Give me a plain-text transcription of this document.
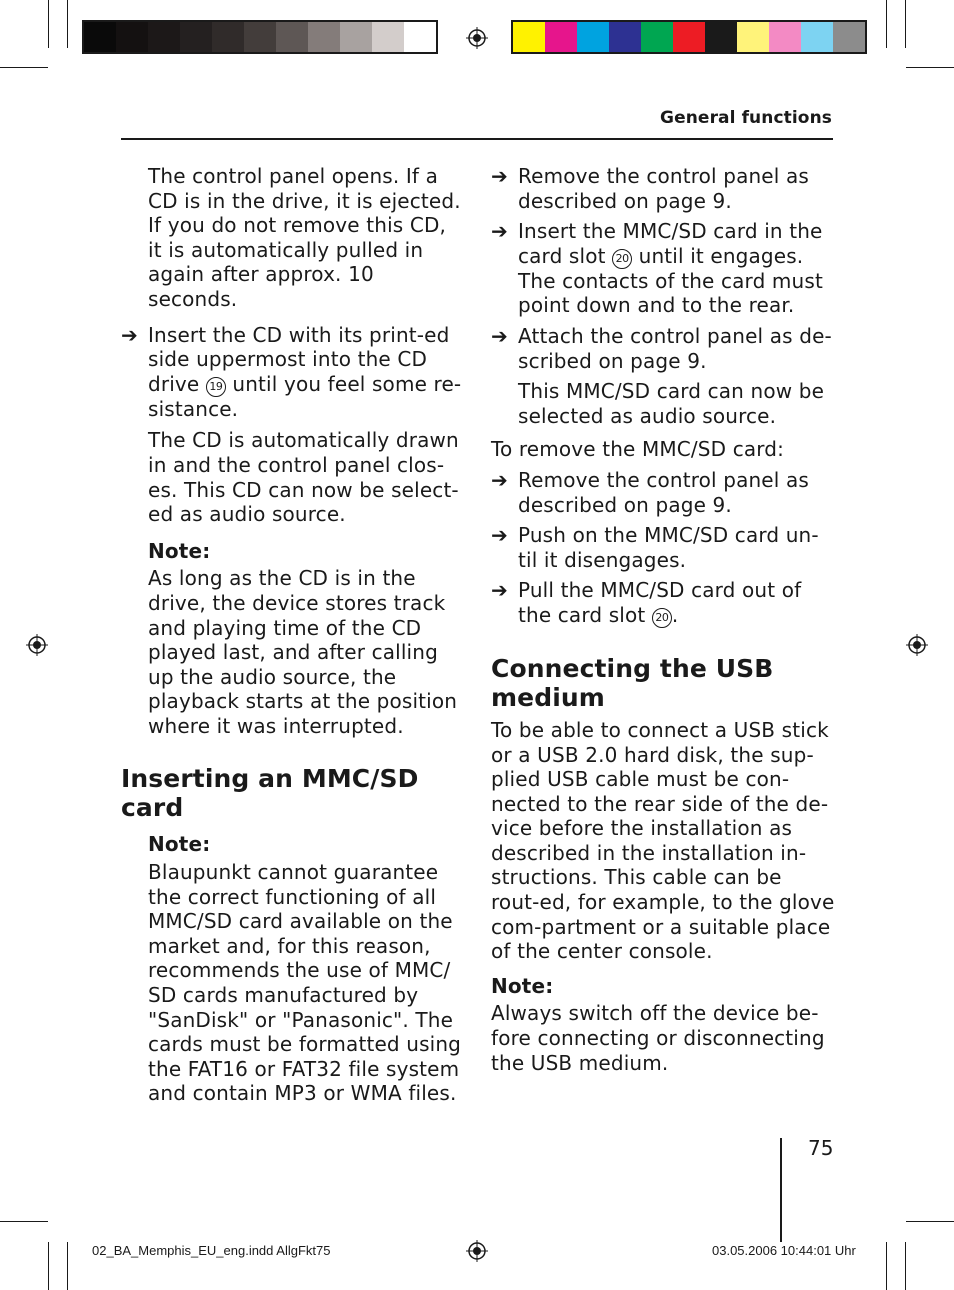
General functions

The control panel opens. If a CD is in the drive, it is ejected. If you do not remove this CD, it is automatically pulled in again after approx. 10 seconds.

➔ Insert the CD with its print-ed side uppermost into the CD drive 19 until you feel some re-sistance.

The CD is automatically drawn in and the control panel clos-es. This CD can now be select-ed as audio source.

Note:

As long as the CD is in the drive, the device stores track and playing time of the CD played last, and after calling up the audio source, the playback starts at the position where it was interrupted.

Inserting an MMC/SD card

Note:

Blaupunkt cannot guarantee the correct functioning of all MMC/SD card available on the market and, for this reason, recommends the use of MMC/ SD cards manufactured by "SanDisk" or "Panasonic". The cards must be formatted using the FAT16 or FAT32 file system and contain MP3 or WMA files.

➔ Remove the control panel as described on page 9.
➔ Insert the MMC/SD card in the card slot 20 until it engages. The contacts of the card must point down and to the rear.
➔ Attach the control panel as de-scribed on page 9.

This MMC/SD card can now be selected as audio source.

To remove the MMC/SD card:

➔ Remove the control panel as described on page 9.
➔ Push on the MMC/SD card un-til it disengages.
➔ Pull the MMC/SD card out of the card slot 20 .
Connecting the USB medium

To be able to connect a USB stick or a USB 2.0 hard disk, the sup-plied USB cable must be con-nected to the rear side of the de-vice before the installation as described in the installation in-structions. This cable can be rout-ed, for example, to the glove com-partment or a suitable place of the center console.

Note:

Always switch off the device be-fore connecting or disconnecting the USB medium.

75
02_BA_Memphis_EU_eng.indd AllgFkt75	03.05.2006 10:44:01 Uhr
